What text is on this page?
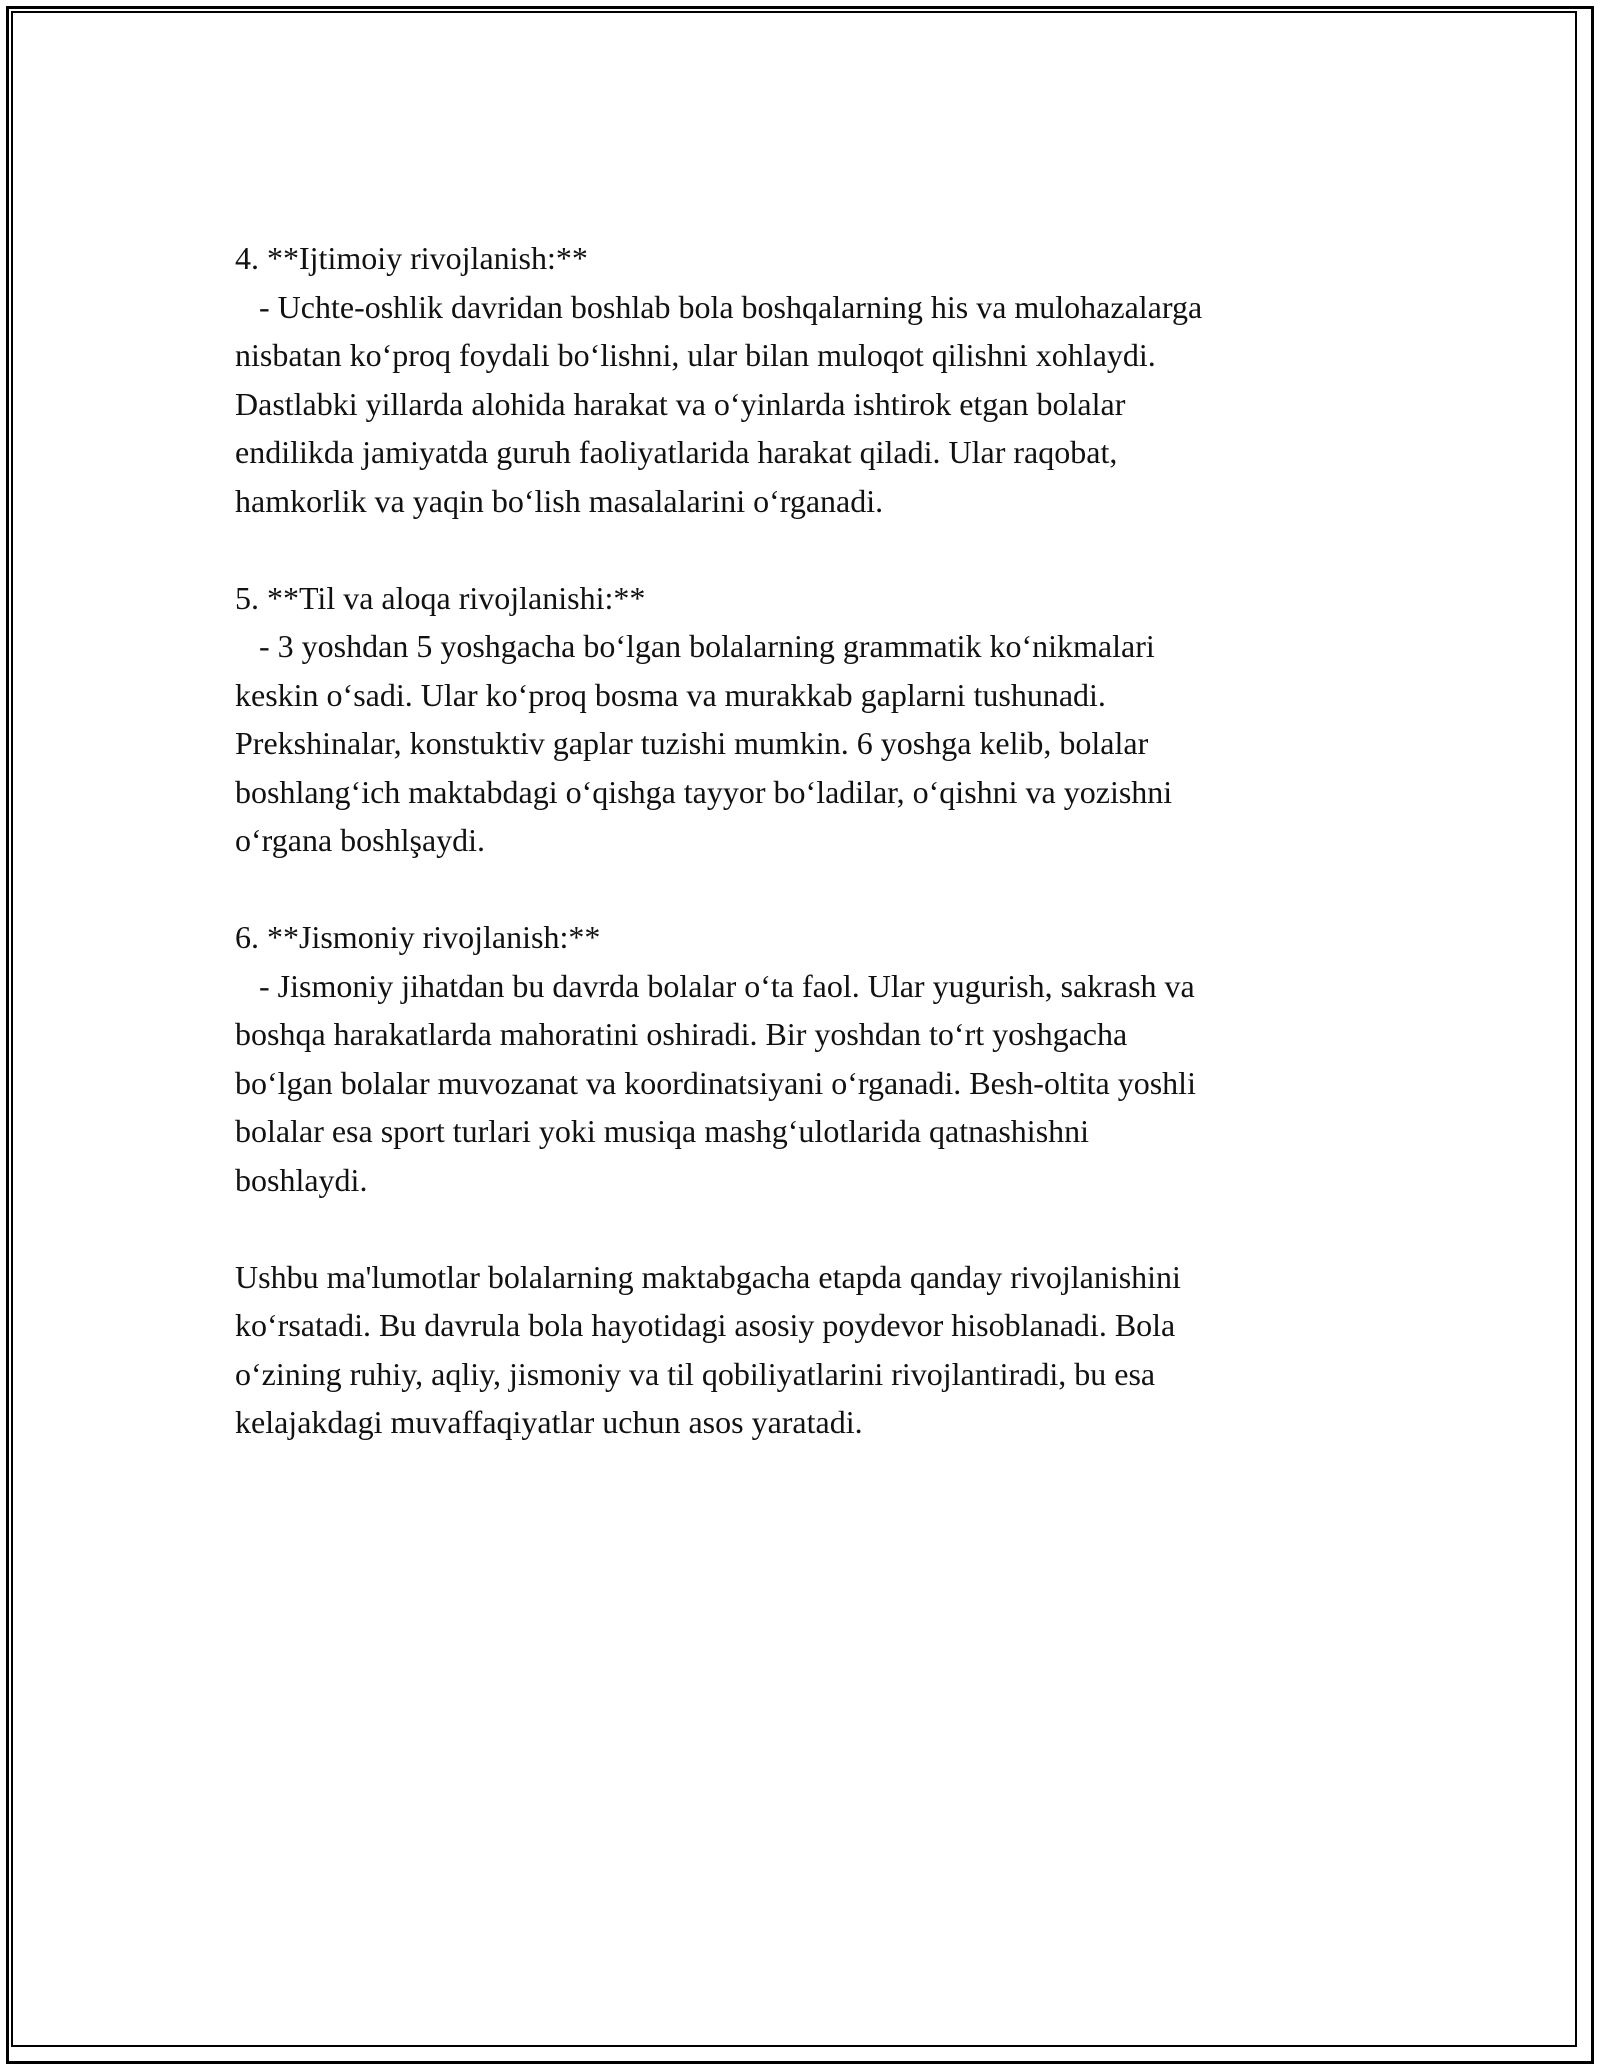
4. **Ijtimoiy rivojlanish:**

- Uchte-oshlik davridan boshlab bola boshqalarning his va mulohazalarga

nisbatan ko‘proq foydali bo‘lishni, ular bilan muloqot qilishni xohlaydi.

Dastlabki yillarda alohida harakat va o‘yinlarda ishtirok etgan bolalar

endilikda jamiyatda guruh faoliyatlarida harakat qiladi. Ular raqobat,

hamkorlik va yaqin bo‘lish masalalarini o‘rganadi.

5. **Til va aloqa rivojlanishi:**

- 3 yoshdan 5 yoshgacha bo‘lgan bolalarning grammatik ko‘nikmalari

keskin o‘sadi. Ular ko‘proq bosma va murakkab gaplarni tushunadi.

Prekshinalar, konstuktiv gaplar tuzishi mumkin. 6 yoshga kelib, bolalar

boshlang‘ich maktabdagi o‘qishga tayyor bo‘ladilar, o‘qishni va yozishni

o‘rgana boshlşaydi.

6. **Jismoniy rivojlanish:**

- Jismoniy jihatdan bu davrda bolalar o‘ta faol. Ular yugurish, sakrash va

boshqa harakatlarda mahoratini oshiradi. Bir yoshdan to‘rt yoshgacha

bo‘lgan bolalar muvozanat va koordinatsiyani o‘rganadi. Besh-oltita yoshli

bolalar esa sport turlari yoki musiqa mashg‘ulotlarida qatnashishni

boshlaydi.

Ushbu ma'lumotlar bolalarning maktabgacha etapda qanday rivojlanishini

ko‘rsatadi. Bu davrula bola hayotidagi asosiy poydevor hisoblanadi. Bola

o‘zining ruhiy, aqliy, jismoniy va til qobiliyatlarini rivojlantiradi, bu esa

kelajakdagi muvaffaqiyatlar uchun asos yaratadi.
